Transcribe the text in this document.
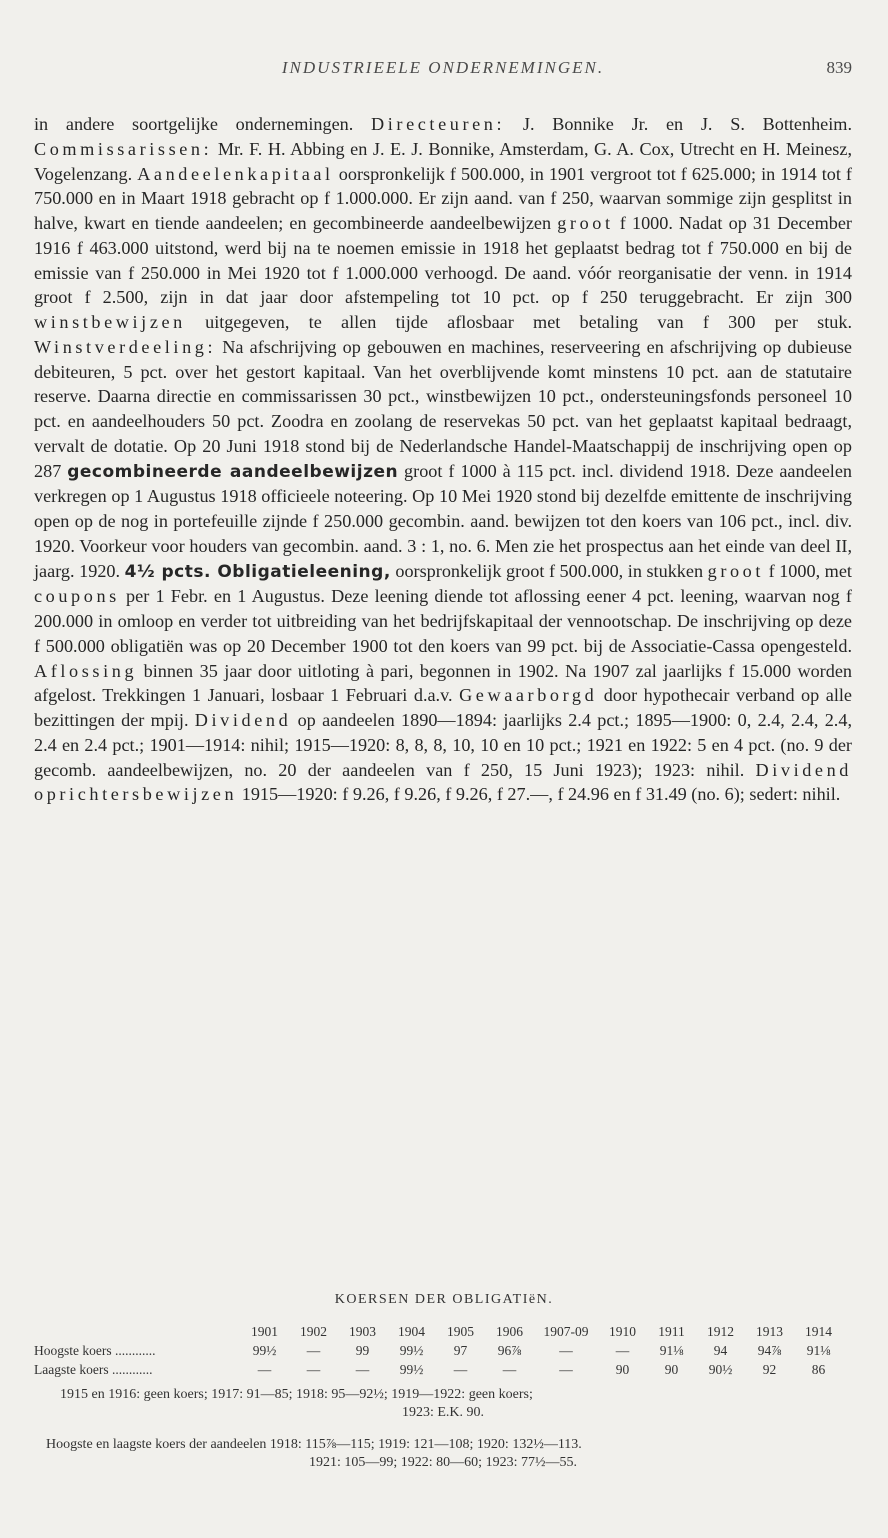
INDUSTRIEELE ONDERNEMINGEN.	839

in andere soortgelijke ondernemingen. Directeuren: J. Bonnike Jr. en J. S. Bottenheim. Commissarissen: Mr. F. H. Abbing en J. E. J. Bonnike, Amsterdam, G. A. Cox, Utrecht en H. Meinesz, Vogelenzang. Aandeelenkapitaal oorspronkelijk f 500.000, in 1901 vergroot tot f 625.000; in 1914 tot f 750.000 en in Maart 1918 gebracht op f 1.000.000. Er zijn aand. van f 250, waarvan sommige zijn gesplitst in halve, kwart en tiende aandeelen; en gecombineerde aandeelbewijzen groot f 1000. Nadat op 31 December 1916 f 463.000 uitstond, werd bij na te noemen emissie in 1918 het geplaatst bedrag tot f 750.000 en bij de emissie van f 250.000 in Mei 1920 tot f 1.000.000 verhoogd. De aand. vóór reorganisatie der venn. in 1914 groot f 2.500, zijn in dat jaar door afstempeling tot 10 pct. op f 250 teruggebracht. Er zijn 300 winstbewijzen uitgegeven, te allen tijde aflosbaar met betaling van f 300 per stuk. Winstverdeeling: Na afschrijving op gebouwen en machines, reserveering en afschrijving op dubieuse debiteuren, 5 pct. over het gestort kapitaal. Van het overblijvende komt minstens 10 pct. aan de statutaire reserve. Daarna directie en commissarissen 30 pct., winstbewijzen 10 pct., ondersteuningsfonds personeel 10 pct. en aandeelhouders 50 pct. Zoodra en zoolang de reservekas 50 pct. van het geplaatst kapitaal bedraagt, vervalt de dotatie. Op 20 Juni 1918 stond bij de Nederlandsche Handel-Maatschappij de inschrijving open op 287 gecombineerde aandeelbewijzen groot f 1000 à 115 pct. incl. dividend 1918. Deze aandeelen verkregen op 1 Augustus 1918 officieele noteering. Op 10 Mei 1920 stond bij dezelfde emittente de inschrijving open op de nog in portefeuille zijnde f 250.000 gecombin. aand. bewijzen tot den koers van 106 pct., incl. div. 1920. Voorkeur voor houders van gecombin. aand. 3 : 1, no. 6. Men zie het prospectus aan het einde van deel II, jaarg. 1920. 4½ pcts. Obligatieleening, oorspronkelijk groot f 500.000, in stukken groot f 1000, met coupons per 1 Febr. en 1 Augustus. Deze leening diende tot aflossing eener 4 pct. leening, waarvan nog f 200.000 in omloop en verder tot uitbreiding van het bedrijfskapitaal der vennootschap. De inschrijving op deze f 500.000 obligatiën was op 20 December 1900 tot den koers van 99 pct. bij de Associatie-Cassa opengesteld. Aflossing binnen 35 jaar door uitloting à pari, begonnen in 1902. Na 1907 zal jaarlijks f 15.000 worden afgelost. Trekkingen 1 Januari, losbaar 1 Februari d.a.v. Gewaarborgd door hypothecair verband op alle bezittingen der mpij. Dividend op aandeelen 1890—1894: jaarlijks 2.4 pct.; 1895—1900: 0, 2.4, 2.4, 2.4, 2.4 en 2.4 pct.; 1901—1914: nihil; 1915—1920: 8, 8, 8, 10, 10 en 10 pct.; 1921 en 1922: 5 en 4 pct. (no. 9 der gecomb. aandeelbewijzen, no. 20 der aandeelen van f 250, 15 Juni 1923); 1923: nihil. Dividend oprichtersbewijzen 1915—1920: f 9.26, f 9.26, f 9.26, f 27.—, f 24.96 en f 31.49 (no. 6); sedert: nihil.

KOERSEN DER OBLIGATIëN.
	1901	1902	1903	1904	1905	1906	1907-09	1910	1911	1912	1913	1914
Hoogste koers ............	99½	—	99	99½	97	96⅞	—	—	91⅛	94	94⅞	91⅛
Laagste koers ............	—	—	—	99½	—	—	—	90	90	90½	92	86
1915 en 1916: geen koers; 1917: 91—85; 1918: 95—92½; 1919—1922: geen koers;
1923: E.K. 90.
Hoogste en laagste koers der aandeelen 1918: 115⅞—115; 1919: 121—108; 1920: 132½—113.
1921: 105—99; 1922: 80—60; 1923: 77½—55.
